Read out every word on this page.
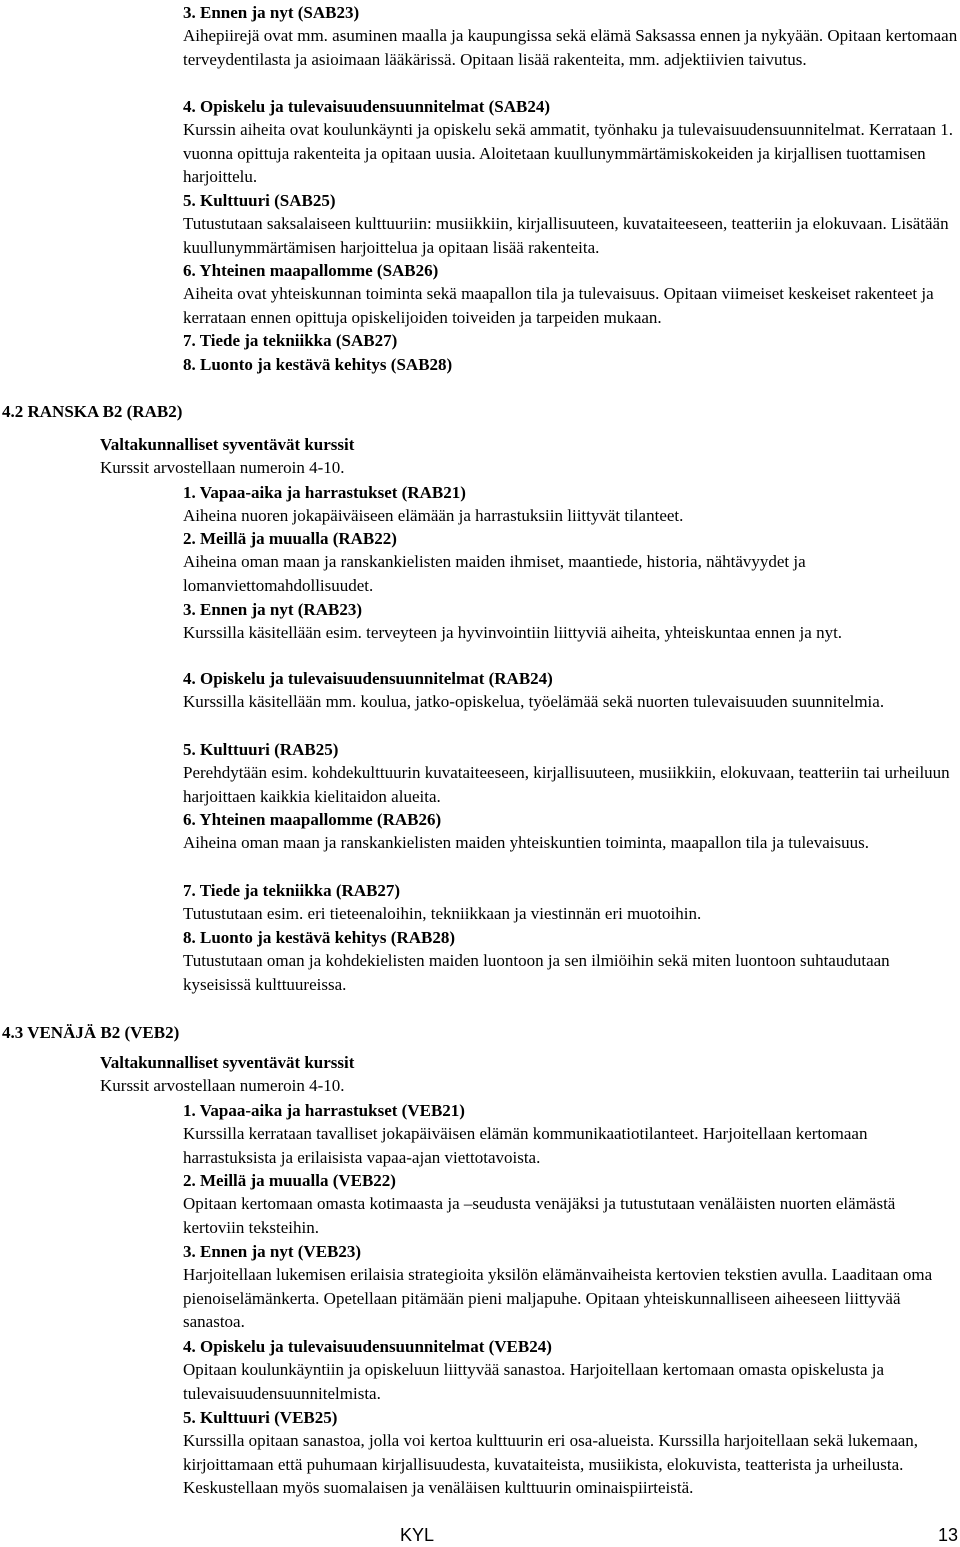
3. Ennen ja nyt (SAB23)
Aihepiirejä ovat mm. asuminen maalla ja kaupungissa sekä elämä Saksassa ennen ja nykyään. Opitaan kertomaan terveydentilasta ja asioimaan lääkärissä. Opitaan lisää rakenteita, mm. adjektiivien taivutus.
4. Opiskelu ja tulevaisuudensuunnitelmat (SAB24)
Kurssin aiheita ovat koulunkäynti ja opiskelu sekä ammatit, työnhaku ja tulevaisuudensuunnitelmat. Kerrataan 1. vuonna opittuja rakenteita ja opitaan uusia. Aloitetaan kuullunymmärtämiskokeiden ja kirjallisen tuottamisen harjoittelu.
5. Kulttuuri (SAB25)
Tutustutaan saksalaiseen kulttuuriin: musiikkiin, kirjallisuuteen, kuvataiteeseen, teatteriin ja elokuvaan. Lisätään kuullunymmärtämisen harjoittelua ja opitaan lisää rakenteita.
6. Yhteinen maapallomme (SAB26)
Aiheita ovat yhteiskunnan toiminta sekä maapallon tila ja tulevaisuus. Opitaan viimeiset keskeiset rakenteet ja kerrataan ennen opittuja opiskelijoiden toiveiden ja tarpeiden mukaan.
7. Tiede ja tekniikka (SAB27)
8. Luonto ja kestävä kehitys (SAB28)
4.2 RANSKA B2 (RAB2)
Valtakunnalliset syventävät kurssit
Kurssit arvostellaan numeroin 4-10.
1. Vapaa-aika ja harrastukset (RAB21)
Aiheina nuoren jokapäiväiseen elämään ja harrastuksiin liittyvät tilanteet.
2. Meillä ja muualla (RAB22)
Aiheina oman maan ja ranskankielisten maiden ihmiset, maantiede, historia, nähtävyydet ja lomanviettomahdollisuudet.
3. Ennen ja nyt (RAB23)
Kurssilla käsitellään esim. terveyteen ja hyvinvointiin liittyviä aiheita, yhteiskuntaa ennen ja nyt.
4. Opiskelu ja tulevaisuudensuunnitelmat (RAB24)
Kurssilla käsitellään mm. koulua, jatko-opiskelua, työelämää sekä nuorten tulevaisuuden suunnitelmia.
5. Kulttuuri (RAB25)
Perehdytään esim. kohdekulttuurin kuvataiteeseen, kirjallisuuteen, musiikkiin, elokuvaan, teatteriin tai urheiluun harjoittaen kaikkia kielitaidon alueita.
6. Yhteinen maapallomme (RAB26)
Aiheina oman maan ja ranskankielisten maiden yhteiskuntien toiminta, maapallon tila ja tulevaisuus.
7. Tiede ja tekniikka (RAB27)
Tutustutaan esim. eri tieteenaloihin, tekniikkaan ja viestinnän eri muotoihin.
8. Luonto ja kestävä kehitys (RAB28)
Tutustutaan oman ja kohdekielisten maiden luontoon ja sen ilmiöihin sekä miten luontoon suhtaudutaan kyseisissä kulttuureissa.
4.3 VENÄJÄ B2 (VEB2)
Valtakunnalliset syventävät kurssit
Kurssit arvostellaan numeroin 4-10.
1. Vapaa-aika ja harrastukset (VEB21)
Kurssilla kerrataan tavalliset jokapäiväisen elämän kommunikaatiotilanteet. Harjoitellaan kertomaan harrastuksista ja erilaisista vapaa-ajan viettotavoista.
2. Meillä ja muualla (VEB22)
Opitaan kertomaan omasta kotimaasta ja –seudusta venäjäksi ja tutustutaan venäläisten nuorten elämästä kertoviin teksteihin.
3. Ennen ja nyt (VEB23)
Harjoitellaan lukemisen erilaisia strategioita yksilön elämänvaiheista kertovien tekstien avulla. Laaditaan oma pienoiselämänkerta. Opetellaan pitämään pieni maljapuhe. Opitaan yhteiskunnalliseen aiheeseen liittyvää sanastoa.
4. Opiskelu ja tulevaisuudensuunnitelmat (VEB24)
Opitaan koulunkäyntiin ja opiskeluun liittyvää sanastoa. Harjoitellaan kertomaan omasta opiskelusta ja tulevaisuudensuunnitelmista.
5. Kulttuuri (VEB25)
Kurssilla opitaan sanastoa, jolla voi kertoa kulttuurin eri osa-alueista. Kurssilla harjoitellaan sekä lukemaan, kirjoittamaan että puhumaan kirjallisuudesta, kuvataiteista, musiikista, elokuvista, teatterista ja urheilusta. Keskustellaan myös suomalaisen ja venäläisen kulttuurin ominaispiirteistä.
KYL	13
